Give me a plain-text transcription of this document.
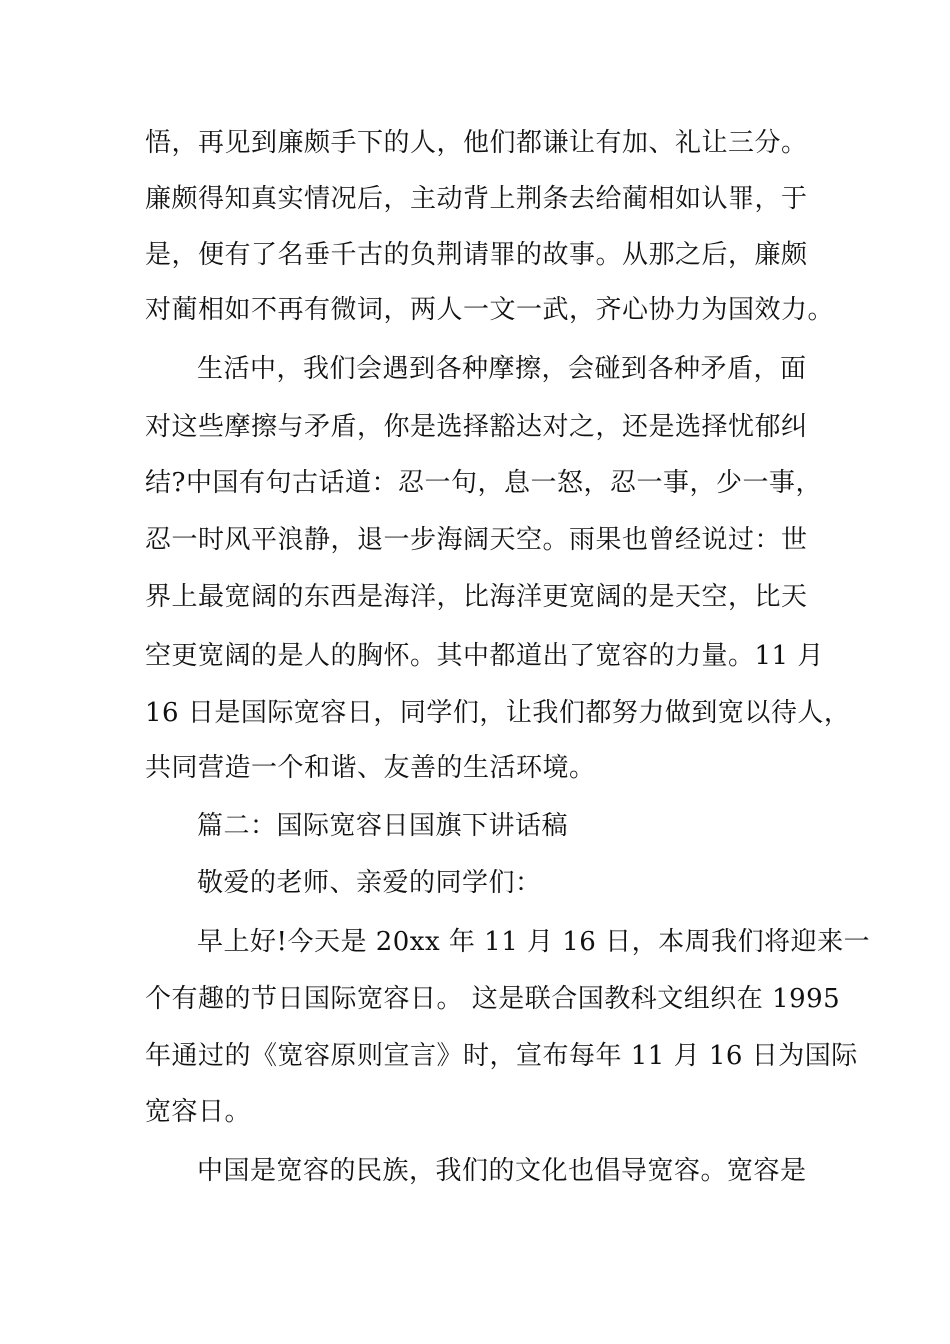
悟，再见到廉颇手下的人，他们都谦让有加、礼让三分。
廉颇得知真实情况后，主动背上荆条去给蔺相如认罪，于
是，便有了名垂千古的负荆请罪的故事。从那之后，廉颇
对蔺相如不再有微词，两人一文一武，齐心协力为国效力。
生活中，我们会遇到各种摩擦，会碰到各种矛盾，面
对这些摩擦与矛盾，你是选择豁达对之，还是选择忧郁纠
结?中国有句古话道：忍一句，息一怒，忍一事，少一事，
忍一时风平浪静，退一步海阔天空。雨果也曾经说过：世
界上最宽阔的东西是海洋，比海洋更宽阔的是天空，比天
空更宽阔的是人的胸怀。其中都道出了宽容的力量。11 月
16 日是国际宽容日，同学们，让我们都努力做到宽以待人，
共同营造一个和谐、友善的生活环境。
篇二：国际宽容日国旗下讲话稿
敬爱的老师、亲爱的同学们：
早上好!今天是 20xx 年 11 月 16 日，本周我们将迎来一
个有趣的节日国际宽容日。 这是联合国教科文组织在 1995
年通过的《宽容原则宣言》时，宣布每年 11 月 16 日为国际
宽容日。
中国是宽容的民族，我们的文化也倡导宽容。宽容是
